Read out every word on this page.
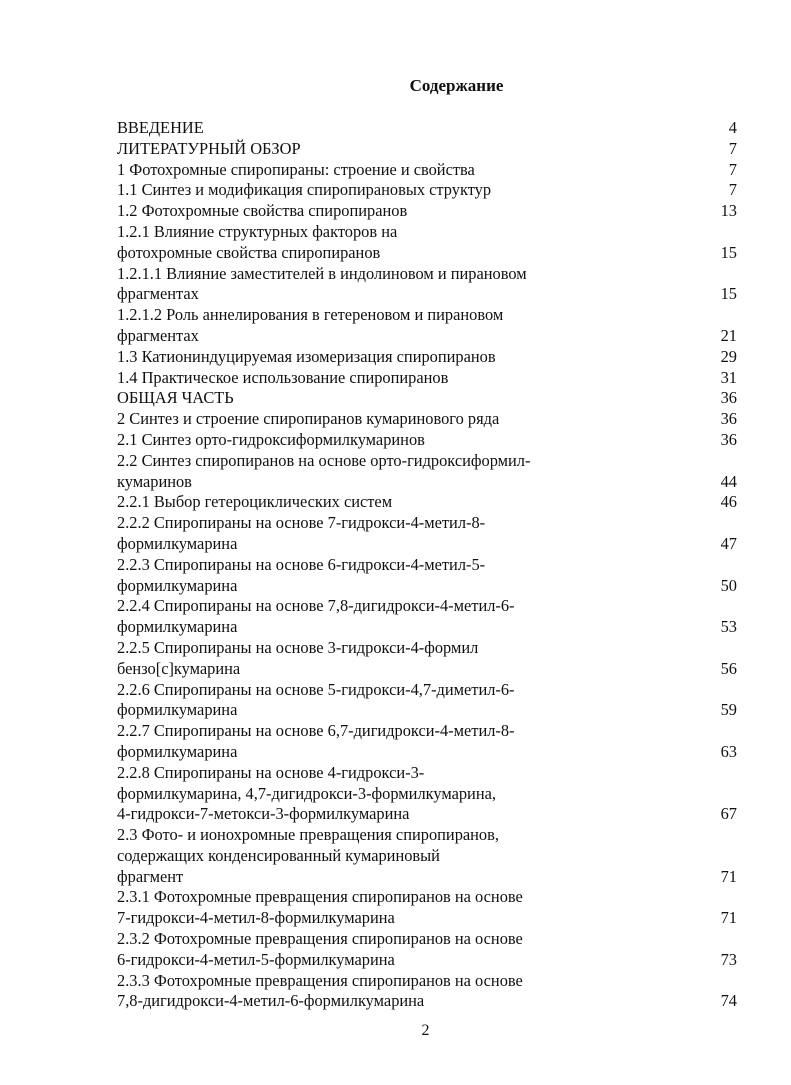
Содержание
ВВЕДЕНИЕ	4
ЛИТЕРАТУРНЫЙ ОБЗОР	7
1 Фотохромные спиропираны: строение и свойства	7
1.1 Синтез и модификация спиропирановых структур	7
1.2 Фотохромные свойства спиропиранов	13
1.2.1 Влияние структурных факторов на
фотохромные свойства спиропиранов	15
1.2.1.1 Влияние заместителей в индолиновом и пирановом
фрагментах	15
1.2.1.2 Роль аннелирования в гетереновом и пирановом
фрагментах	21
1.3 Катиониндуцируемая изомеризация спиропиранов	29
1.4 Практическое использование спиропиранов	31
ОБЩАЯ ЧАСТЬ	36
2 Синтез и строение спиропиранов кумаринового ряда	36
2.1 Синтез орто-гидроксиформилкумаринов	36
2.2 Синтез спиропиранов на основе орто-гидроксиформил-
кумаринов	44
2.2.1 Выбор гетероциклических систем	46
2.2.2 Спиропираны на основе 7-гидрокси-4-метил-8-
формилкумарина	47
2.2.3 Спиропираны на основе 6-гидрокси-4-метил-5-
формилкумарина	50
2.2.4 Спиропираны на основе 7,8-дигидрокси-4-метил-6-
формилкумарина	53
2.2.5 Спиропираны на основе 3-гидрокси-4-формил
бензо[с]кумарина	56
2.2.6 Спиропираны на основе 5-гидрокси-4,7-диметил-6-
формилкумарина	59
2.2.7 Спиропираны на основе 6,7-дигидрокси-4-метил-8-
формилкумарина	63
2.2.8 Спиропираны на основе 4-гидрокси-3-
формилкумарина, 4,7-дигидрокси-3-формилкумарина,
4-гидрокси-7-метокси-3-формилкумарина	67
2.3 Фото- и ионохромные превращения спиропиранов,
содержащих конденсированный кумариновый
фрагмент	71
2.3.1 Фотохромные превращения спиропиранов на основе
7-гидрокси-4-метил-8-формилкумарина	71
2.3.2 Фотохромные превращения спиропиранов на основе
6-гидрокси-4-метил-5-формилкумарина	73
2.3.3 Фотохромные превращения спиропиранов на основе
7,8-дигидрокси-4-метил-6-формилкумарина	74
2
